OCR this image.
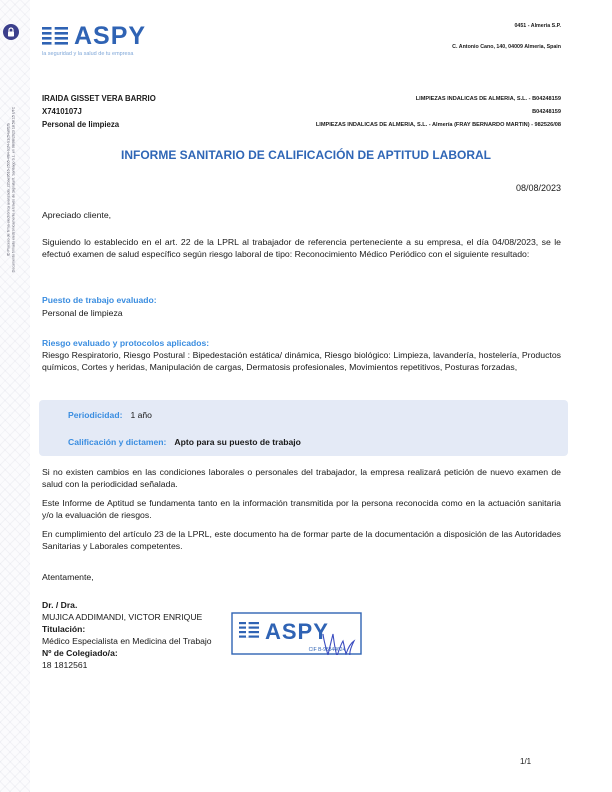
ID Proceso de firma electrónica avanzada: 22bae9516-c5b5-4f84-b1f4-b1c54a0f1fb Documento firmado electrónicamente a través de Signaturit. Santiago S.L. en 08/08/2023 18:58:15 UTC
ASPY
la seguridad y la salud de tu empresa
0451 - Almeria S.P.
C. Antonio Cano, 140, 04009 Almeria, Spain
IRAIDA GISSET VERA BARRIO
X7410107J
Personal de limpieza
LIMPIEZAS INDALICAS DE ALMERIA, S.L. - B04248159
B04248159
LIMPIEZAS INDALICAS DE ALMERIA, S.L. - Almería (FRAY BERNARDO MARTIN) - 982526/08
INFORME SANITARIO DE CALIFICACIÓN DE APTITUD LABORAL
08/08/2023
Apreciado cliente,
Siguiendo lo establecido en el art. 22 de la LPRL al trabajador de referencia perteneciente a su empresa, el día 04/08/2023, se le efectuó examen de salud específico según riesgo laboral de tipo: Reconocimiento Médico Periódico con el siguiente resultado:
Puesto de trabajo evaluado:
Personal de limpieza
Riesgo evaluado y protocolos aplicados:
Riesgo Respiratorio, Riesgo Postural : Bipedestación estática/ dinámica, Riesgo biológico: Limpieza, lavandería, hostelería, Productos químicos, Cortes y heridas, Manipulación de cargas, Dermatosis profesionales, Movimientos repetitivos, Posturas forzadas,
Periodicidad: 1 año
Calificación y dictamen: Apto para su puesto de trabajo
Si no existen cambios en las condiciones laborales o personales del trabajador, la empresa realizará petición de nuevo examen de salud con la periodicidad señalada.
Este Informe de Aptitud se fundamenta tanto en la información transmitida por la persona reconocida como en la actuación sanitaria y/o la evaluación de riesgos.
En cumplimiento del artículo 23 de la LPRL, este documento ha de formar parte de la documentación a disposición de las Autoridades Sanitarias y Laborales competentes.
Atentamente,
Dr. / Dra.
MUJICA ADDIMANDI, VICTOR ENRIQUE
Titulación:
Médico Especialista en Medicina del Trabajo
Nº de Colegiado/a:
18 1812561
ASPY
CIF B-98844624
1/1
